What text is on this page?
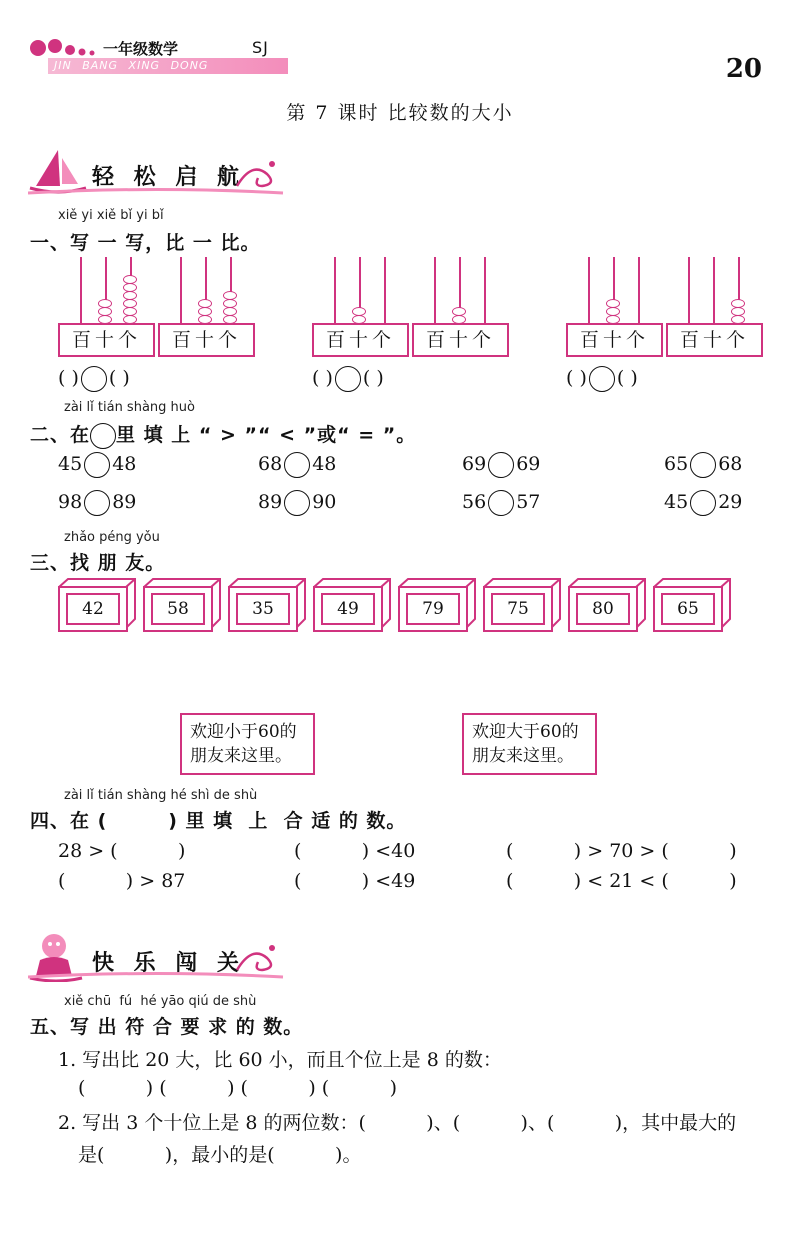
一年级数学	SJ
JIN BANG XING DONG	20
第 7 课时 比较数的大小
轻 松 启 航
xiě yi xiě bǐ yi bǐ
一、写 一 写，比 一 比。
百十个	百十个	百十个	百十个	百十个	百十个
( ) ( )	( ) ( )	( ) ( )
zài lǐ tián shàng huò
二、在 里 填 上 “ > ”“ < ”或“ = ”。
45 48	68 48	69 69	65 68
98 89	89 90	56 57	45 29
zhǎo péng yǒu
三、找 朋 友。
42	58	35	49	79	75	80	65
欢迎小于60的朋友来这里。
欢迎大于60的朋友来这里。
zài lǐ tián shàng hé shì de shù
四、在 (        ) 里 填  上  合 适 的 数。
28 > (          )	(          ) <40	(          ) > 70 > (          )
(          ) > 87	(          ) <49	(          ) < 21 < (          )
快 乐 闯 关
xiě chū  fú  hé yāo qiú de shù
五、写 出 符 合 要 求 的 数。
1. 写出比 20 大，比 60 小，而且个位上是 8 的数：
(          ) (          ) (          ) (          )
2. 写出 3 个十位上是 8 的两位数：(          )、(          )、(          )，其中最大的
是(          )，最小的是(          )。
